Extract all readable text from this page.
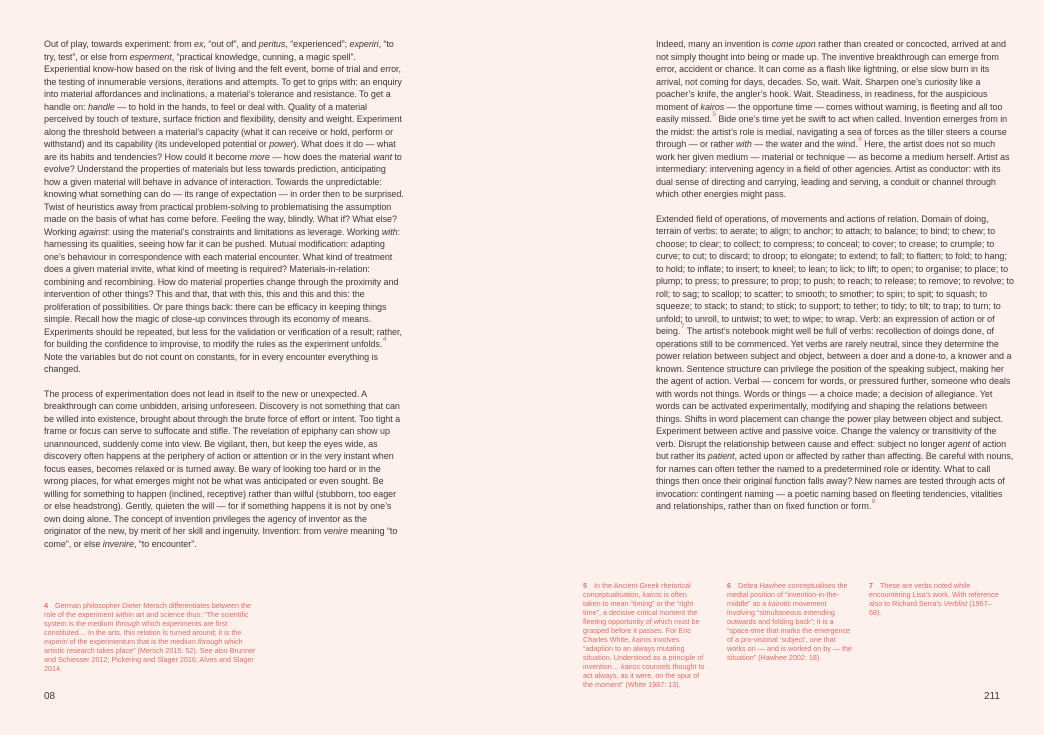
Out of play, towards experiment: from ex, “out of”, and peritus, “experienced”; experiri, “to try, test”, or else from esperment, “practical knowledge, cunning, a magic spell”. Experiential know-how based on the risk of living and the felt event, borne of trial and error, the testing of innumerable versions, iterations and attempts. To get to grips with: an enquiry into material affordances and inclinations, a material’s tolerance and resistance. To get a handle on: handle — to hold in the hands, to feel or deal with. Quality of a material perceived by touch of texture, surface friction and flexibility, density and weight. Experiment along the threshold between a material’s capacity (what it can receive or hold, perform or withstand) and its capability (its undeveloped potential or power). What does it do — what are its habits and tendencies? How could it become more — how does the material want to evolve? Understand the properties of materials but less towards prediction, anticipating how a given material will behave in advance of interaction. Towards the unpredictable: knowing what something can do — its range of expectation — in order then to be surprised. Twist of heuristics away from practical problem-solving to problematising the assumption made on the basis of what has come before. Feeling the way, blindly. What if? What else? Working against: using the material’s constraints and limitations as leverage. Working with: harnessing its qualities, seeing how far it can be pushed. Mutual modification: adapting one’s behaviour in correspondence with each material encounter. What kind of treatment does a given material invite, what kind of meeting is required? Materials-in-relation: combining and recombining. How do material properties change through the proximity and intervention of other things? This and that, that with this, this and this and this: the proliferation of possibilities. Or pare things back: there can be efficacy in keeping things simple. Recall how the magic of close-up convinces through its economy of means. Experiments should be repeated, but less for the validation or verification of a result; rather, for building the confidence to improvise, to modify the rules as the experiment unfolds.$^4$ Note the variables but do not count on constants, for in every encounter everything is changed.

The process of experimentation does not lead in itself to the new or unexpected. A breakthrough can come unbidden, arising unforeseen. Discovery is not something that can be willed into existence, brought about through the brute force of effort or intent. Too tight a frame or focus can serve to suffocate and stifle. The revelation of epiphany can show up unannounced, suddenly come into view. Be vigilant, then, but keep the eyes wide, as discovery often happens at the periphery of action or attention or in the very instant when focus eases, becomes relaxed or is turned away. Be wary of looking too hard or in the wrong places, for what emerges might not be what was anticipated or even sought. Be willing for something to happen (inclined, receptive) rather than wilful (stubborn, too eager or else headstrong). Gently, quieten the will — for if something happens it is not by one’s own doing alone. The concept of invention privileges the agency of inventor as the originator of the new, by merit of her skill and ingenuity. Invention: from venire meaning “to come”, or else invenire, “to encounter”.

4 German philosopher Dieter Mersch differentiates between the role of the experiment within art and science thus: “The scientific system is the medium through which experiments are first constituted… In the arts, this relation is turned around; it is the experiri of the experimentum that is the medium through which artistic research takes place” (Mersch 2015: 52). See also Brunner and Schiesser 2012; Pickering and Slager 2016; Alves and Slager 2014.
08

Indeed, many an invention is come upon rather than created or concocted, arrived at and not simply thought into being or made up. The inventive breakthrough can emerge from error, accident or chance. It can come as a flash like lightning, or else slow burn in its arrival, not coming for days, decades. So, wait. Wait. Sharpen one’s curiosity like a poacher’s knife, the angler’s hook. Wait. Steadiness, in readiness, for the auspicious moment of kairos — the opportune time — comes without warning, is fleeting and all too easily missed.$^5$ Bide one’s time yet be swift to act when called. Invention emerges from in the midst: the artist’s role is medial, navigating a sea of forces as the tiller steers a course through — or rather with — the water and the wind.$^6$ Here, the artist does not so much work her given medium — material or technique — as become a medium herself. Artist as intermediary: intervening agency in a field of other agencies. Artist as conductor: with its dual sense of directing and carrying, leading and serving, a conduit or channel through which other energies might pass.

Extended field of operations, of movements and actions of relation. Domain of doing, terrain of verbs: to aerate; to align; to anchor; to attach; to balance; to bind; to chew; to choose; to clear; to collect; to compress; to conceal; to cover; to crease; to crumple; to curve; to cut; to discard; to droop; to elongate; to extend; to fall; to flatten; to fold; to hang; to hold; to inflate; to insert; to kneel; to lean; to lick; to lift; to open; to organise; to place; to plump; to press; to pressure; to prop; to push; to reach; to release; to remove; to revolve; to roll; to sag; to scallop; to scatter; to smooth; to smother; to spin; to spit; to squash; to squeeze; to stack; to stand; to stick; to support; to tether; to tidy; to tilt; to trap; to turn; to unfold; to unroll, to untwist; to wet; to wipe; to wrap. Verb: an expression of action or of being.$^7$ The artist’s notebook might well be full of verbs: recollection of doings done, of operations still to be commenced. Yet verbs are rarely neutral, since they determine the power relation between subject and object, between a doer and a done-to, a knower and a known. Sentence structure can privilege the position of the speaking subject, making her the agent of action. Verbal — concern for words, or pressured further, someone who deals with words not things. Words or things — a choice made; a decision of allegiance. Yet words can be activated experimentally, modifying and shaping the relations between things. Shifts in word placement can change the power play between object and subject. Experiment between active and passive voice. Change the valency or transitivity of the verb. Disrupt the relationship between cause and effect: subject no longer agent of action but rather its patient, acted upon or affected by rather than affecting. Be careful with nouns, for names can often tether the named to a predetermined role or identity. What to call things then once their original function falls away? New names are tested through acts of invocation: contingent naming — a poetic naming based on fleeting tendencies, vitalities and relationships, rather than on fixed function or form.$^8$

5 In the Ancient Greek rhetorical conceptualisation, kairos is often taken to mean “timing” or the “right time”, a decisive critical moment the fleeting opportunity of which must be grasped before it passes. For Eric Charles White, kairos involves “adaption to an always mutating situation. Understood as a principle of invention… kairos counsels thought to act always, as it were, on the spur of the moment” (White 1987: 13).
6 Debra Hawhee conceptualises the medial position of “invention-in-the-middle” as a kairotic movement involving “simultaneous extending outwards and folding back”; it is a “space-time that marks the emergence of a pro-visional ‘subject’, one that works on — and is worked on by — the situation” (Hawhee 2002: 18).
7 These are verbs noted while encountering Lisa’s work. With reference also to Richard Serra’s Verblist (1967–68).
211
